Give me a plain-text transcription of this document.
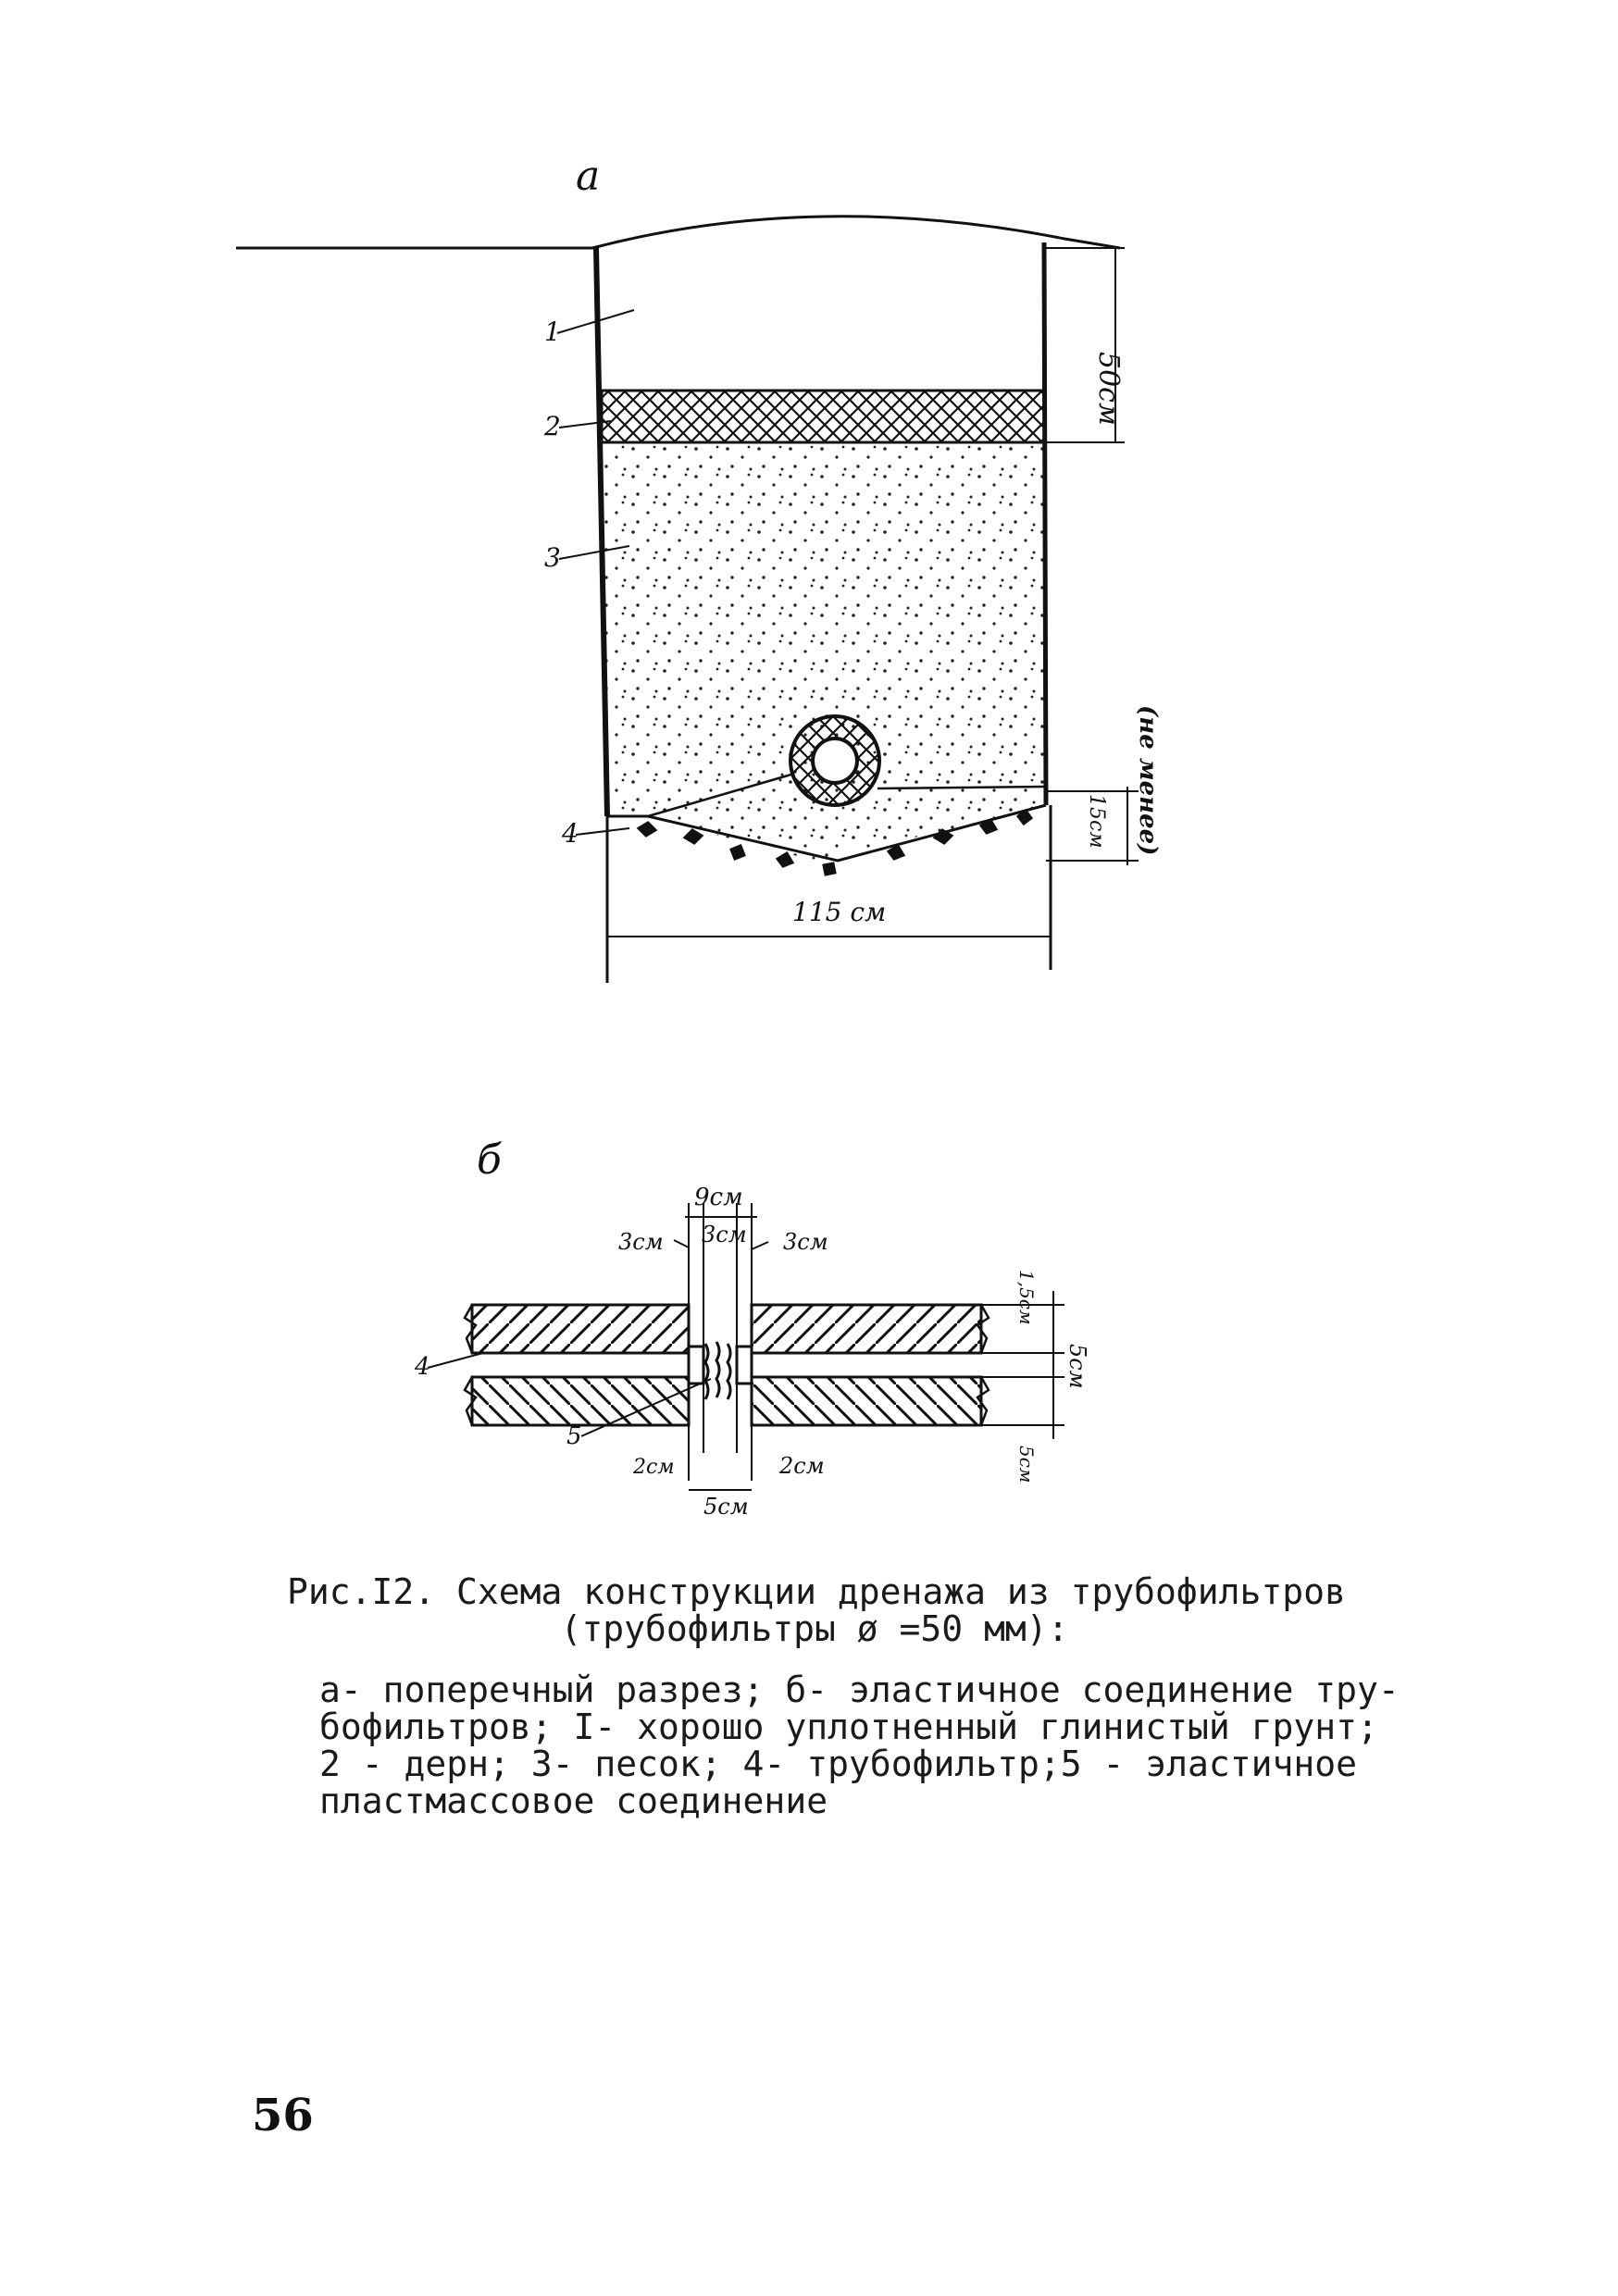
а
1
2
3
4
50см
15см (не менее)
115 см
б
9см
3см 3см 3см
1,5см
5см
5см
2см	2см
5см
4
5
Рис.I2. Схема конструкции дренажа из трубофильтров
(трубофильтры ø =50 мм):
а- поперечный разрез; б- эластичное соединение тру-
бофильтров; I- хорошо уплотненный глинистый грунт;
2 - дерн; 3- песок; 4- трубофильтр;5 - эластичное
пластмассовое соединение
56
